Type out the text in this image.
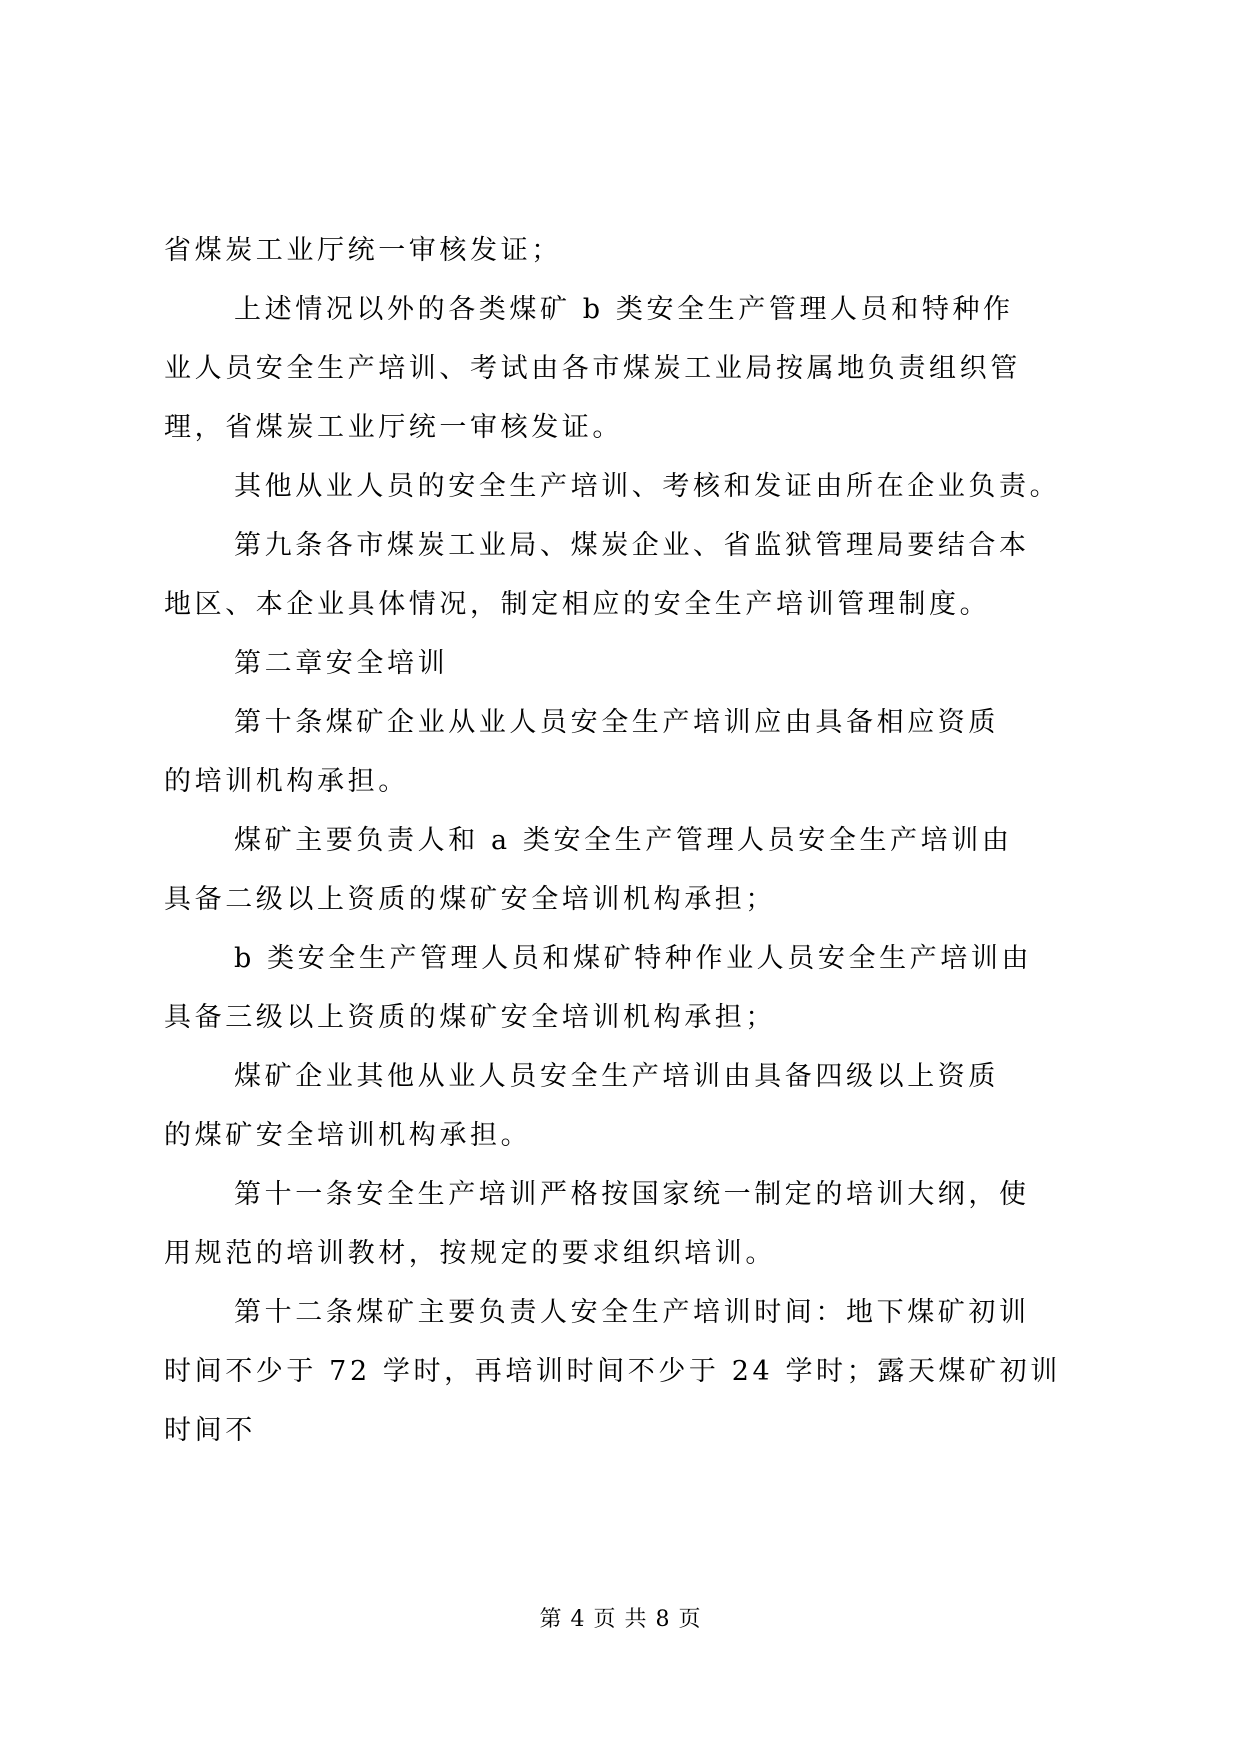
省煤炭工业厅统一审核发证；
上述情况以外的各类煤矿 b 类安全生产管理人员和特种作
业人员安全生产培训、考试由各市煤炭工业局按属地负责组织管
理，省煤炭工业厅统一审核发证。
其他从业人员的安全生产培训、考核和发证由所在企业负责。
第九条各市煤炭工业局、煤炭企业、省监狱管理局要结合本
地区、本企业具体情况，制定相应的安全生产培训管理制度。
第二章安全培训
第十条煤矿企业从业人员安全生产培训应由具备相应资质
的培训机构承担。
煤矿主要负责人和 a 类安全生产管理人员安全生产培训由
具备二级以上资质的煤矿安全培训机构承担；
b 类安全生产管理人员和煤矿特种作业人员安全生产培训由
具备三级以上资质的煤矿安全培训机构承担；
煤矿企业其他从业人员安全生产培训由具备四级以上资质
的煤矿安全培训机构承担。
第十一条安全生产培训严格按国家统一制定的培训大纲，使
用规范的培训教材，按规定的要求组织培训。
第十二条煤矿主要负责人安全生产培训时间：地下煤矿初训
时间不少于 72 学时，再培训时间不少于 24 学时；露天煤矿初训
时间不
第 4 页 共 8 页
